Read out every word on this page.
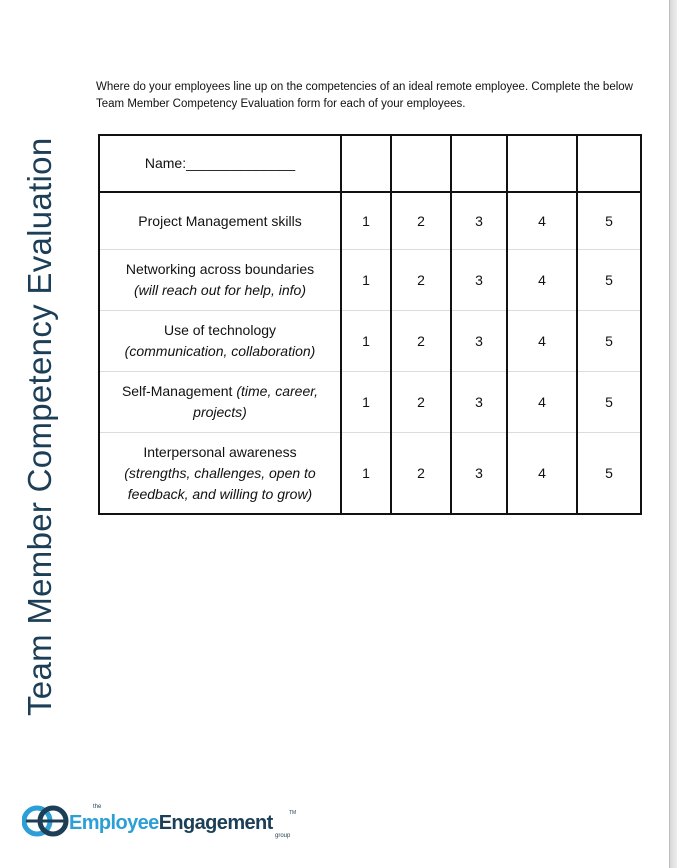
Team Member Competency Evaluation
Where do your employees line up on the competencies of an ideal remote employee. Complete the below Team Member Competency Evaluation form for each of your employees.
Name:______________					
Project Management skills	1	2	3	4	5
Networking across boundaries
(will reach out for help, info)	1	2	3	4	5
Use of technology
(communication, collaboration)	1	2	3	4	5
Self-Management (time, career, projects)	1	2	3	4	5
Interpersonal awareness
(strengths, challenges, open to feedback, and willing to grow)	1	2	3	4	5
the
EmployeeEngagement	TM
group
